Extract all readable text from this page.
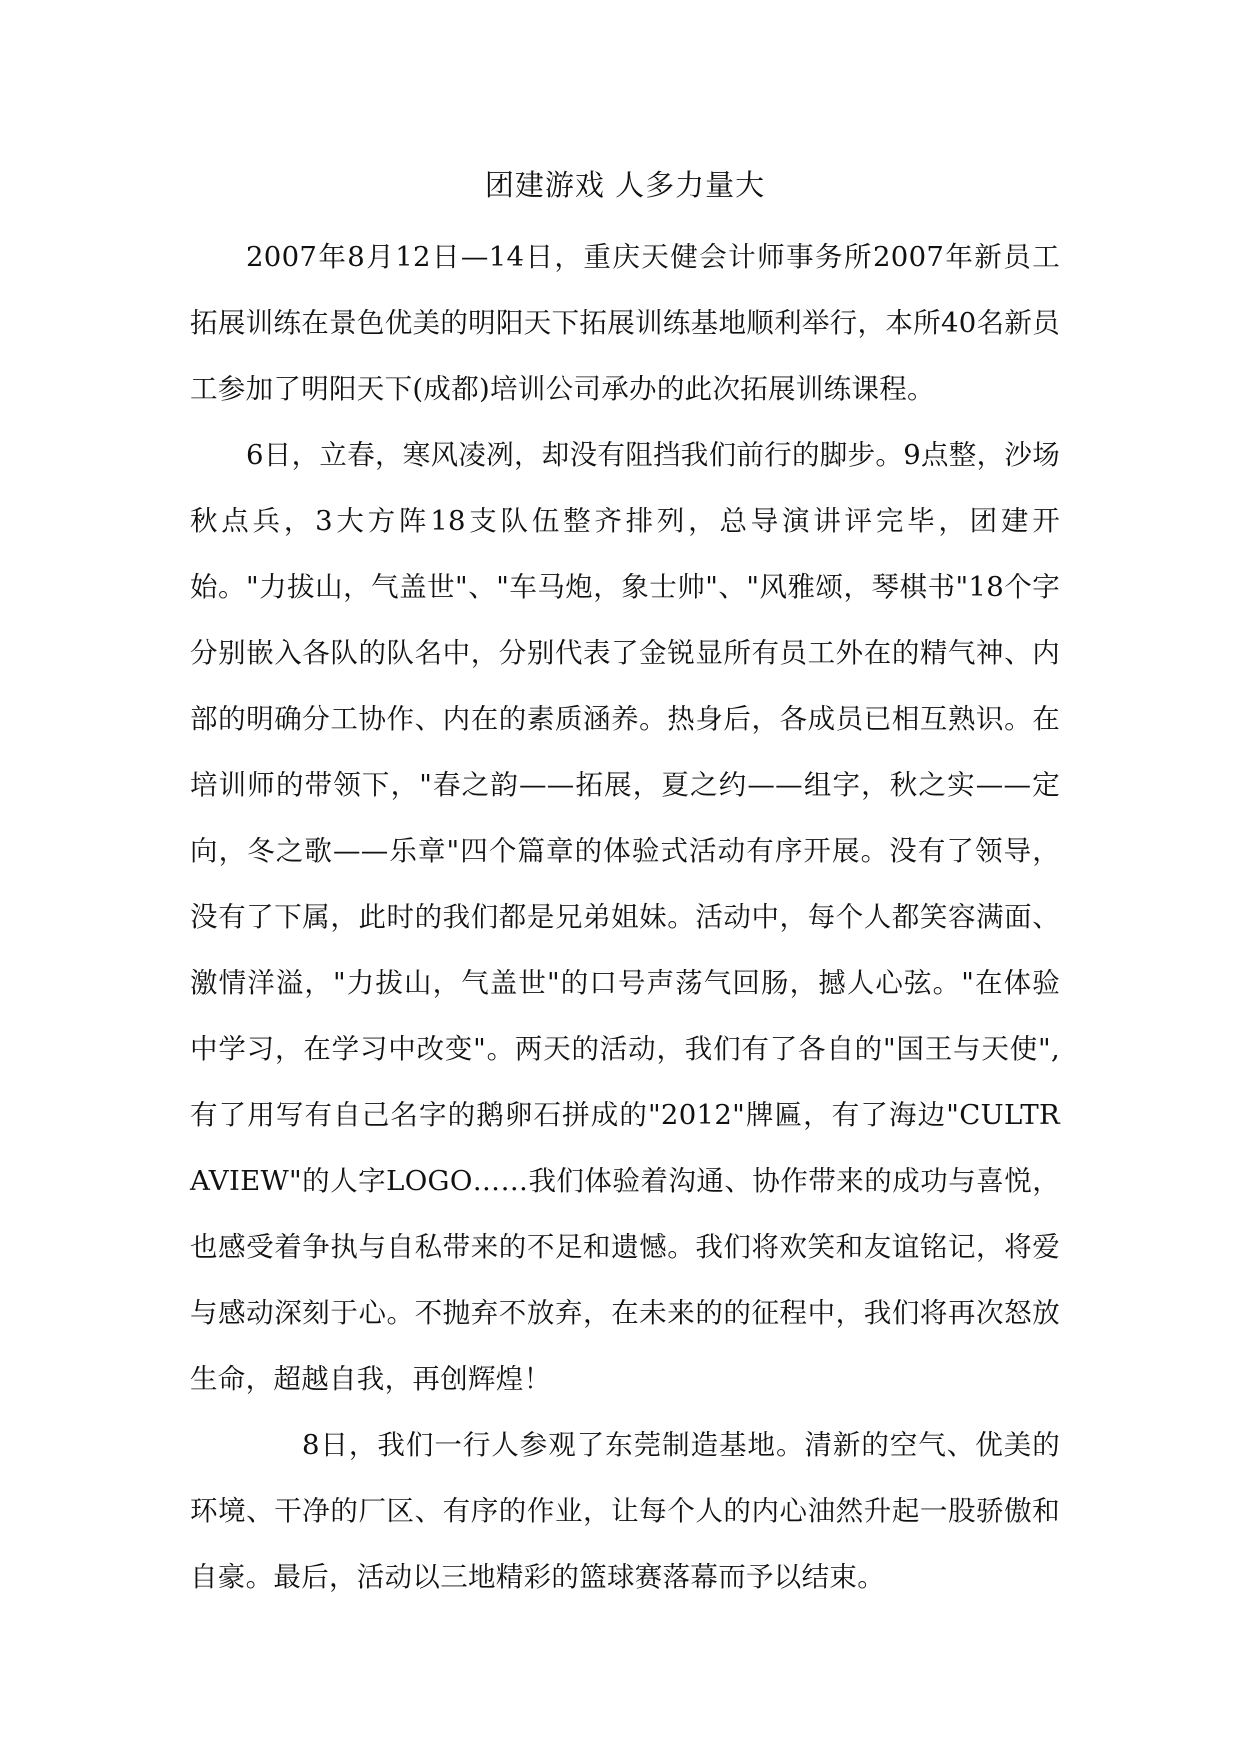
团建游戏 人多力量大

2007年8月12日—14日，重庆天健会计师事务所2007年新员工拓展训练在景色优美的明阳天下拓展训练基地顺利举行，本所40名新员工参加了明阳天下(成都)培训公司承办的此次拓展训练课程。

6日，立春，寒风凌冽，却没有阻挡我们前行的脚步。9点整，沙场秋点兵，3大方阵18支队伍整齐排列，总导演讲评完毕，团建开始。"力拔山，气盖世"、"车马炮，象士帅"、"风雅颂，琴棋书"18个字分别嵌入各队的队名中，分别代表了金锐显所有员工外在的精气神、内部的明确分工协作、内在的素质涵养。热身后，各成员已相互熟识。在培训师的带领下，"春之韵——拓展，夏之约——组字，秋之实——定向，冬之歌——乐章"四个篇章的体验式活动有序开展。没有了领导，没有了下属，此时的我们都是兄弟姐妹。活动中，每个人都笑容满面、激情洋溢，"力拔山，气盖世"的口号声荡气回肠，撼人心弦。"在体验中学习，在学习中改变"。两天的活动，我们有了各自的"国王与天使",有了用写有自己名字的鹅卵石拼成的"2012"牌匾，有了海边"CULTRAVIEW"的人字LOGO……我们体验着沟通、协作带来的成功与喜悦，也感受着争执与自私带来的不足和遗憾。我们将欢笑和友谊铭记，将爱与感动深刻于心。不抛弃不放弃，在未来的的征程中，我们将再次怒放生命，超越自我，再创辉煌！

8日，我们一行人参观了东莞制造基地。清新的空气、优美的环境、干净的厂区、有序的作业，让每个人的内心油然升起一股骄傲和自豪。最后，活动以三地精彩的篮球赛落幕而予以结束。
